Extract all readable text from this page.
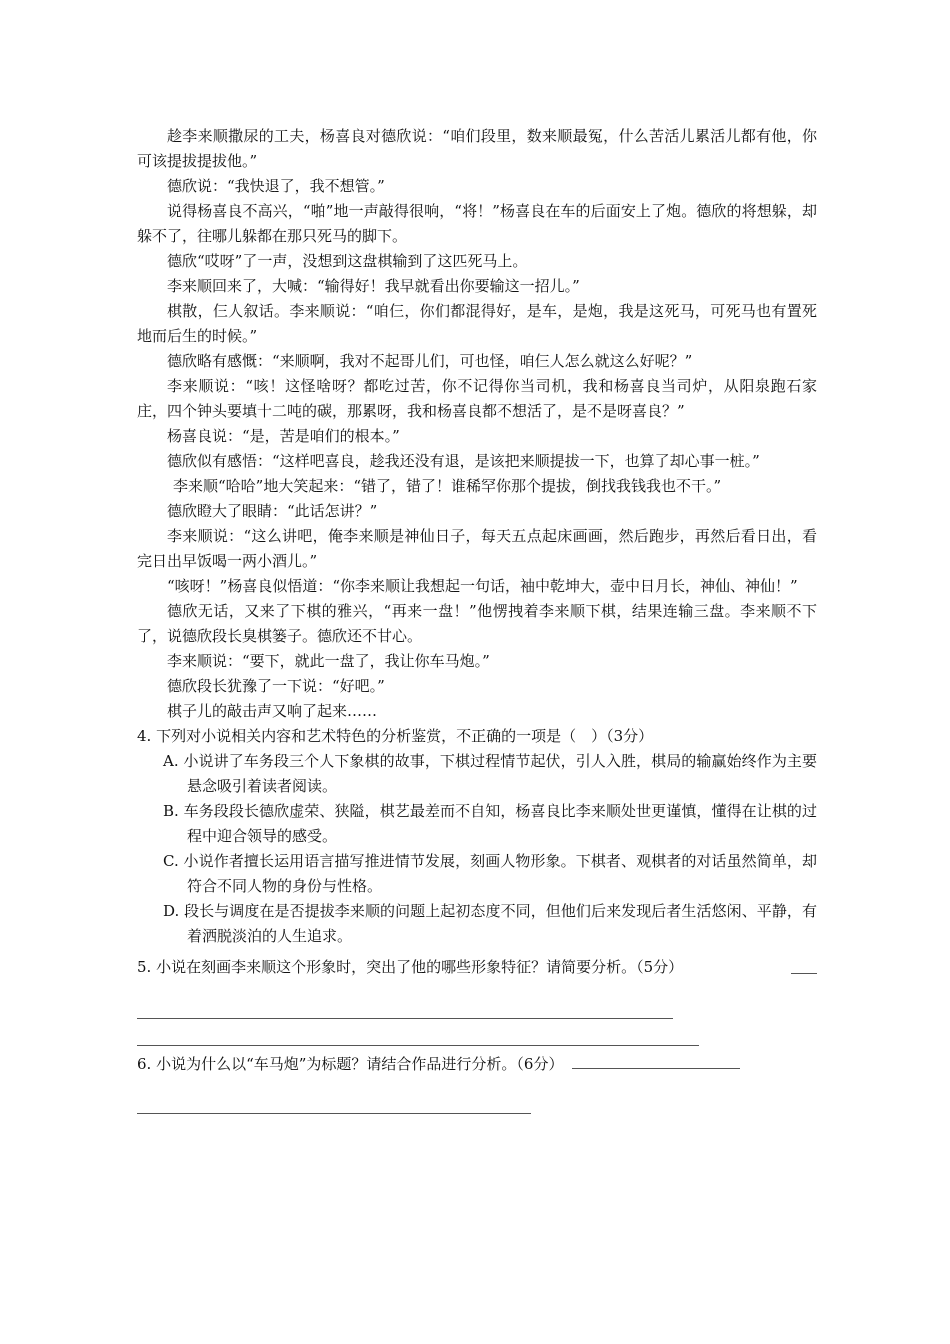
趁李来顺撒尿的工夫，杨喜良对德欣说：“咱们段里，数来顺最冤，什么苦活儿累活儿都有他，你可该提拔提拔他。”

德欣说：“我快退了，我不想管。”

说得杨喜良不高兴，“啪”地一声敲得很响，“将！”杨喜良在车的后面安上了炮。德欣的将想躲，却躲不了，往哪儿躲都在那只死马的脚下。

德欣“哎呀”了一声，没想到这盘棋输到了这匹死马上。

李来顺回来了，大喊：“输得好！我早就看出你要输这一招儿。”

棋散，仨人叙话。李来顺说：“咱仨，你们都混得好，是车，是炮，我是这死马，可死马也有置死地而后生的时候。”

德欣略有感慨：“来顺啊，我对不起哥儿们，可也怪，咱仨人怎么就这么好呢？”

李来顺说：“咳！这怪啥呀？都吃过苦，你不记得你当司机，我和杨喜良当司炉，从阳泉跑石家庄，四个钟头要填十二吨的碳，那累呀，我和杨喜良都不想活了，是不是呀喜良？”

杨喜良说：“是，苦是咱们的根本。”

德欣似有感悟：“这样吧喜良，趁我还没有退，是该把来顺提拔一下，也算了却心事一桩。”

李来顺“哈哈”地大笑起来：“错了，错了！谁稀罕你那个提拔，倒找我钱我也不干。”

德欣瞪大了眼睛：“此话怎讲？”

李来顺说：“这么讲吧，俺李来顺是神仙日子，每天五点起床画画，然后跑步，再然后看日出，看完日出早饭喝一两小酒儿。”

“咳呀！”杨喜良似悟道：“你李来顺让我想起一句话，袖中乾坤大，壶中日月长，神仙、神仙！”

德欣无话，又来了下棋的雅兴，“再来一盘！”他愣拽着李来顺下棋，结果连输三盘。李来顺不下了，说德欣段长臭棋篓子。德欣还不甘心。

李来顺说：“要下，就此一盘了，我让你车马炮。”

德欣段长犹豫了一下说：“好吧。”

棋子儿的敲击声又响了起来……

4. 下列对小说相关内容和艺术特色的分析鉴赏，不正确的一项是（　）（3分）

A. 小说讲了车务段三个人下象棋的故事，下棋过程情节起伏，引人入胜，棋局的输赢始终作为主要悬念吸引着读者阅读。

B. 车务段段长德欣虚荣、狭隘，棋艺最差而不自知，杨喜良比李来顺处世更谨慎，懂得在让棋的过程中迎合领导的感受。

C. 小说作者擅长运用语言描写推进情节发展，刻画人物形象。下棋者、观棋者的对话虽然简单，却符合不同人物的身份与性格。

D. 段长与调度在是否提拔李来顺的问题上起初态度不同，但他们后来发现后者生活悠闲、平静，有着洒脱淡泊的人生追求。

5. 小说在刻画李来顺这个形象时，突出了他的哪些形象特征？请简要分析。（5分）

6. 小说为什么以“车马炮”为标题？请结合作品进行分析。（6分）
